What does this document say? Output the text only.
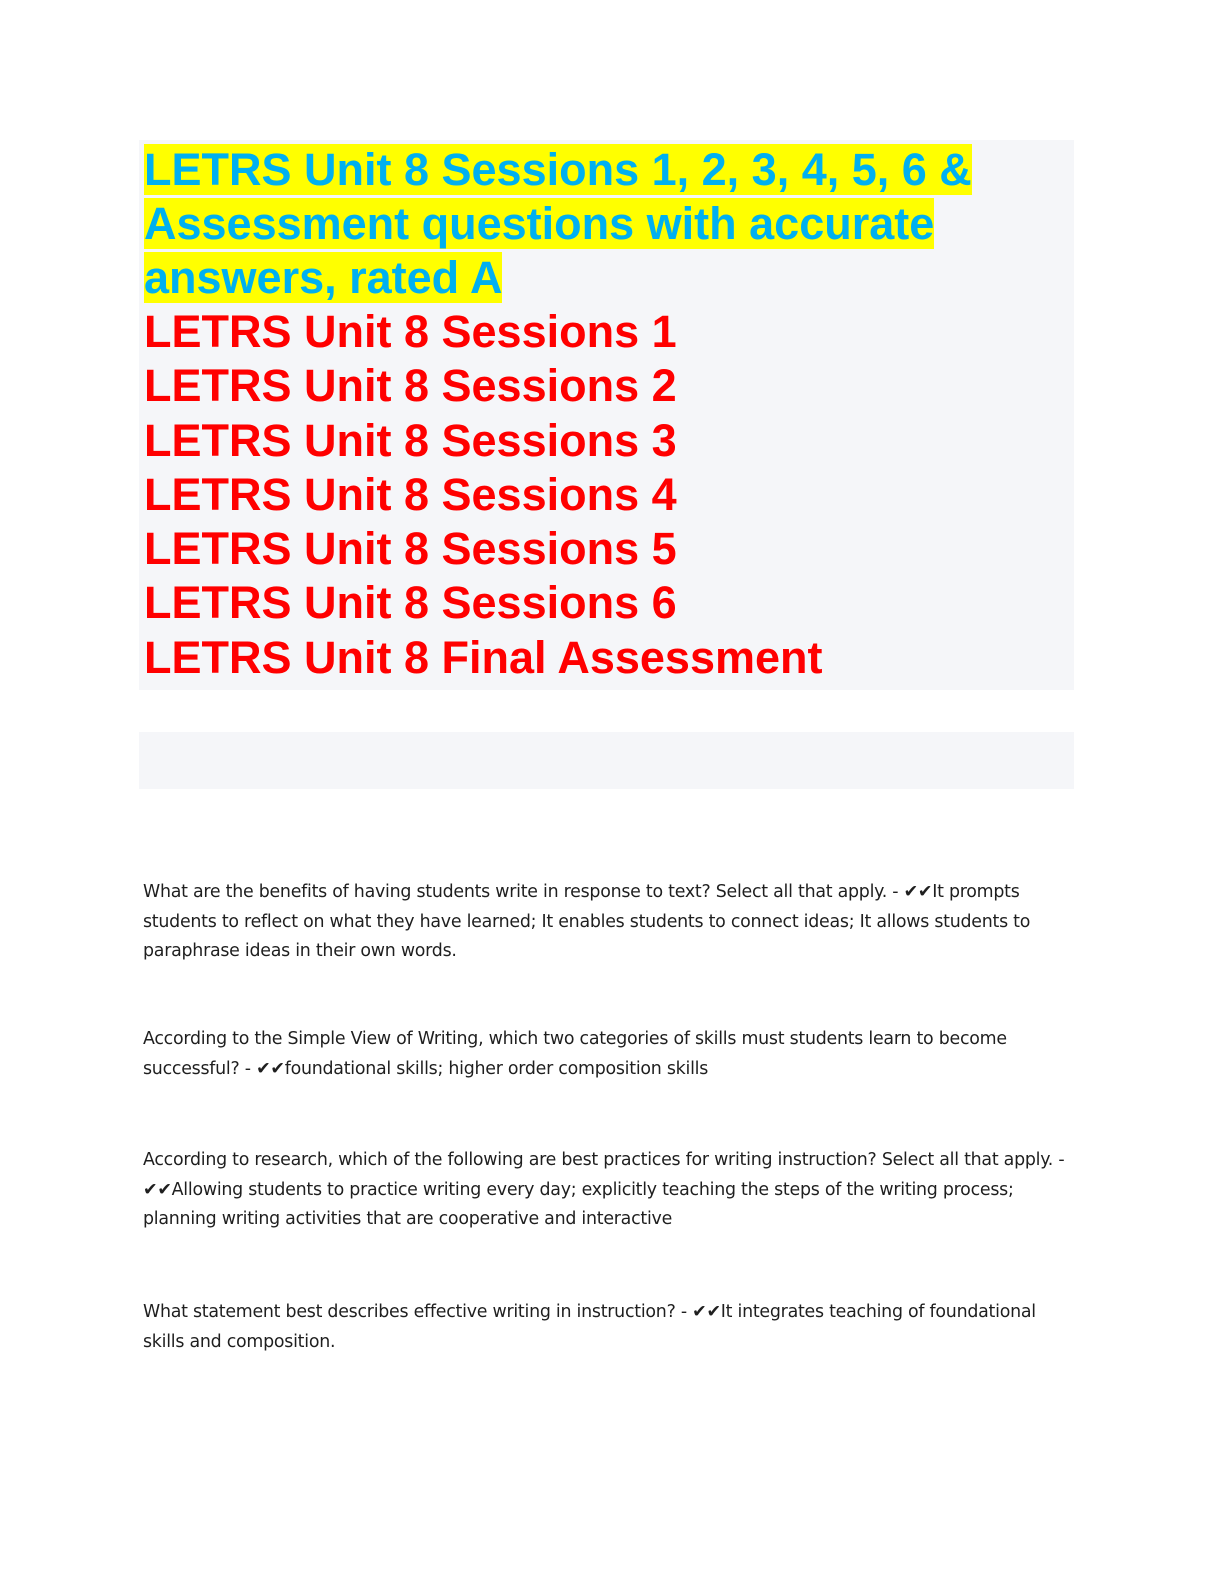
LETRS Unit 8 Sessions 1, 2, 3, 4, 5, 6 & Assessment questions with accurate answers, rated A
LETRS Unit 8 Sessions 1
LETRS Unit 8 Sessions 2
LETRS Unit 8 Sessions 3
LETRS Unit 8 Sessions 4
LETRS Unit 8 Sessions 5
LETRS Unit 8 Sessions 6
LETRS Unit 8 Final Assessment

What are the benefits of having students write in response to text? Select all that apply. - ✔✔It prompts students to reflect on what they have learned; It enables students to connect ideas; It allows students to paraphrase ideas in their own words.

According to the Simple View of Writing, which two categories of skills must students learn to become successful? - ✔✔foundational skills; higher order composition skills

According to research, which of the following are best practices for writing instruction? Select all that apply. - ✔✔Allowing students to practice writing every day; explicitly teaching the steps of the writing process; planning writing activities that are cooperative and interactive

What statement best describes effective writing in instruction? - ✔✔It integrates teaching of foundational skills and composition.
